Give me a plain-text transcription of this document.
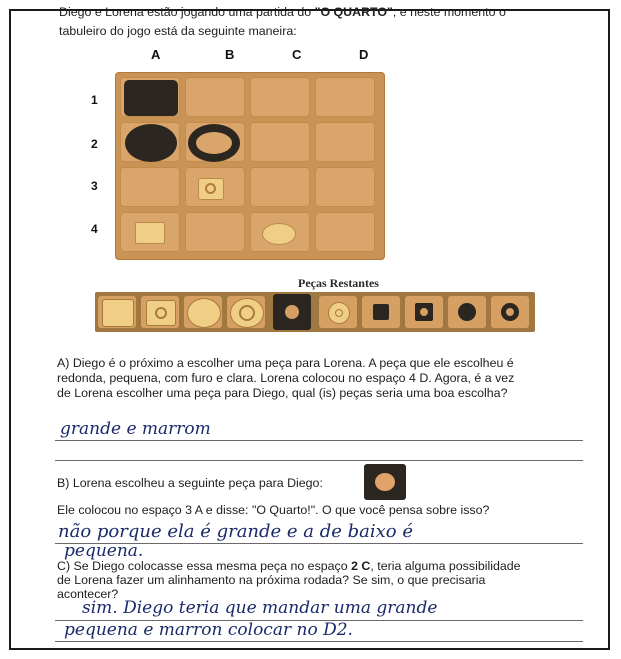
Diego e Lorena estão jogando uma partida do "O QUARTO", e neste momento o
tabuleiro do jogo está da seguinte maneira:
A	B	C	D
1
2
3
4
Peças Restantes
A) Diego é o próximo a escolher uma peça para Lorena. A peça que ele escolheu é
redonda, pequena, com furo e clara. Lorena colocou no espaço 4 D. Agora, é a vez
de Lorena escolher uma peça para Diego, qual (is) peças seria uma boa escolha?
grande e marrom
B) Lorena escolheu a seguinte peça para Diego:
Ele colocou no espaço 3 A e disse: "O Quarto!". O que você pensa sobre isso?
não porque ela é grande e a de baixo é
pequena.
C) Se Diego colocasse essa mesma peça no espaço 2 C, teria alguma possibilidade
de Lorena fazer um alinhamento na próxima rodada? Se sim, o que precisaria
acontecer?
sim. Diego teria que mandar uma grande
pequena e marron colocar no D2.
